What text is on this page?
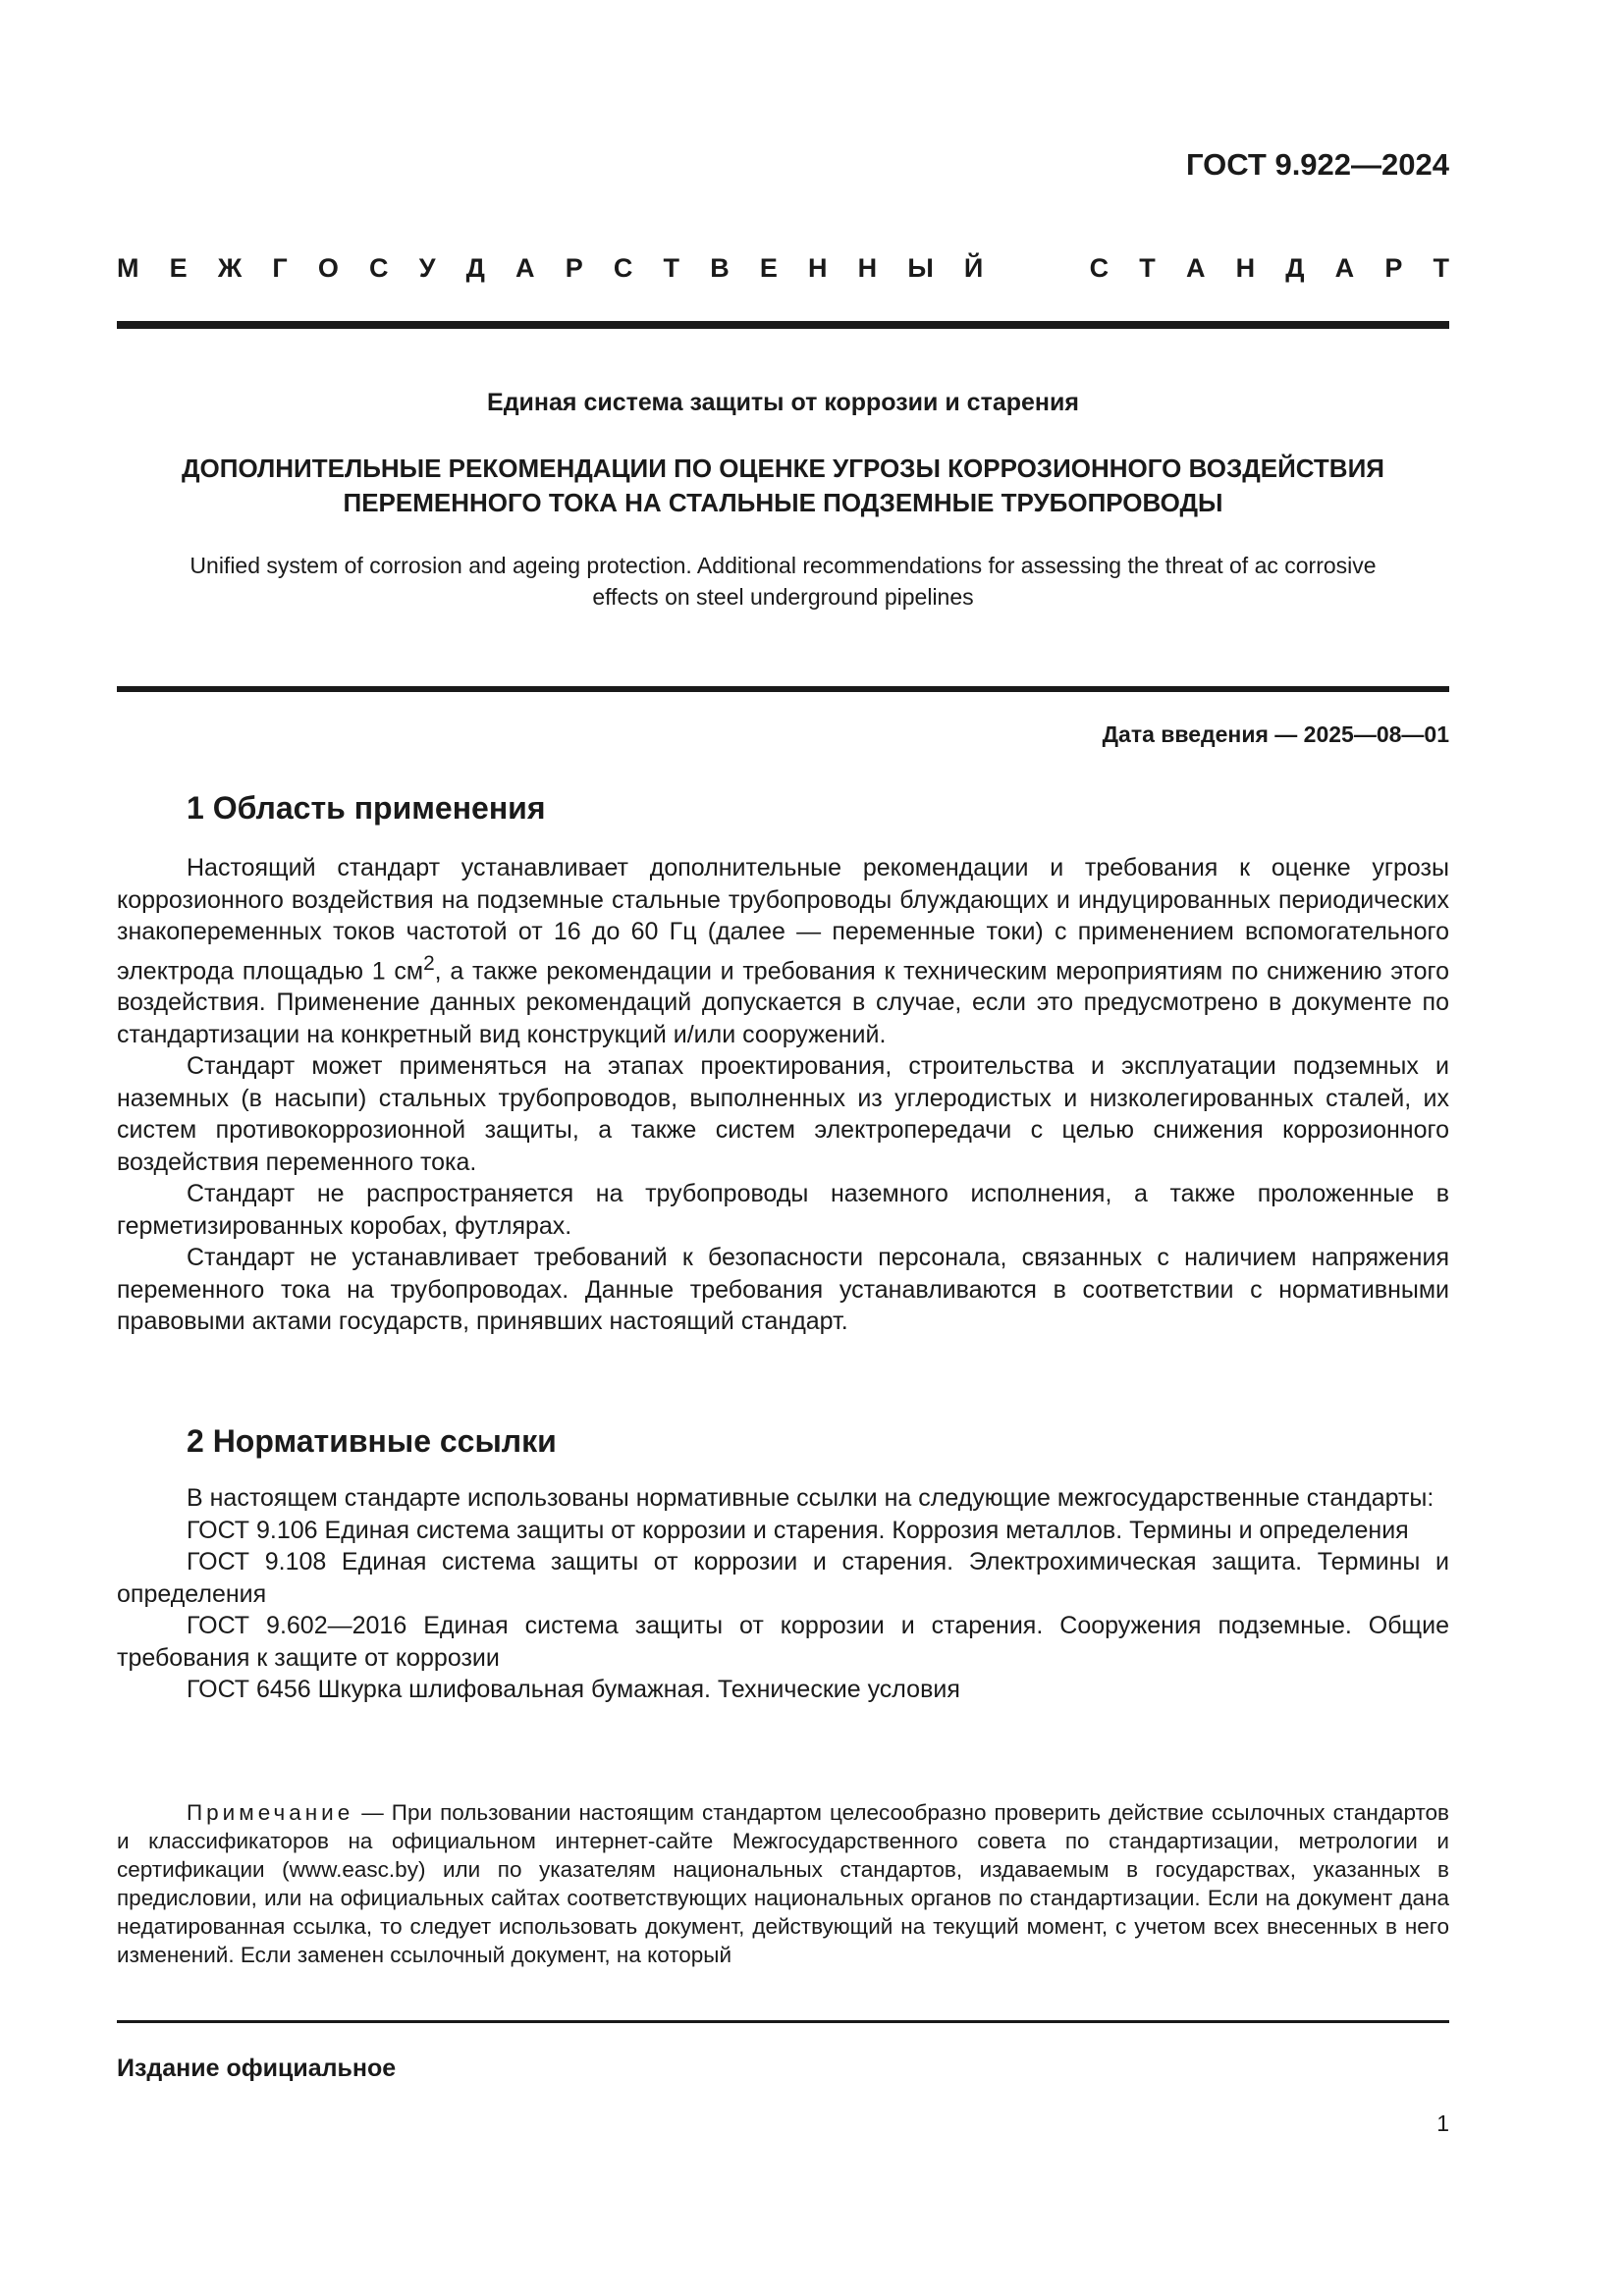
ГОСТ 9.922—2024
М Е Ж Г О С У Д А Р С Т В Е Н Н Ы Й	С Т А Н Д А Р Т
Единая система защиты от коррозии и старения
ДОПОЛНИТЕЛЬНЫЕ РЕКОМЕНДАЦИИ ПО ОЦЕНКЕ УГРОЗЫ КОРРОЗИОННОГО ВОЗДЕЙСТВИЯ
ПЕРЕМЕННОГО ТОКА НА СТАЛЬНЫЕ ПОДЗЕМНЫЕ ТРУБОПРОВОДЫ
Unified system of corrosion and ageing protection. Additional recommendations for assessing the threat of ac corrosive
effects on steel underground pipelines
Дата введения — 2025—08—01
1 Область применения

Настоящий стандарт устанавливает дополнительные рекомендации и требования к оценке угрозы коррозионного воздействия на подземные стальные трубопроводы блуждающих и индуцированных периодических знакопеременных токов частотой от 16 до 60 Гц (далее — переменные токи) с применением вспомогательного электрода площадью 1 $см^2$, а также рекомендации и требования к техническим мероприятиям по снижению этого воздействия. Применение данных рекомендаций допускается в случае, если это предусмотрено в документе по стандартизации на конкретный вид конструкций и/или сооружений.

Стандарт может применяться на этапах проектирования, строительства и эксплуатации подземных и наземных (в насыпи) стальных трубопроводов, выполненных из углеродистых и низколегированных сталей, их систем противокоррозионной защиты, а также систем электропередачи с целью снижения коррозионного воздействия переменного тока.

Стандарт не распространяется на трубопроводы наземного исполнения, а также проложенные в герметизированных коробах, футлярах.

Стандарт не устанавливает требований к безопасности персонала, связанных с наличием напряжения переменного тока на трубопроводах. Данные требования устанавливаются в соответствии с нормативными правовыми актами государств, принявших настоящий стандарт.

2 Нормативные ссылки

В настоящем стандарте использованы нормативные ссылки на следующие межгосударственные стандарты:

ГОСТ 9.106 Единая система защиты от коррозии и старения. Коррозия металлов. Термины и определения

ГОСТ 9.108 Единая система защиты от коррозии и старения. Электрохимическая защита. Термины и определения

ГОСТ 9.602—2016 Единая система защиты от коррозии и старения. Сооружения подземные. Общие требования к защите от коррозии

ГОСТ 6456 Шкурка шлифовальная бумажная. Технические условия

Примечание — При пользовании настоящим стандартом целесообразно проверить действие ссылочных стандартов и классификаторов на официальном интернет-сайте Межгосударственного совета по стандартизации, метрологии и сертификации (www.easc.by) или по указателям национальных стандартов, издаваемым в государствах, указанных в предисловии, или на официальных сайтах соответствующих национальных органов по стандартизации. Если на документ дана недатированная ссылка, то следует использовать документ, действующий на текущий момент, с учетом всех внесенных в него изменений. Если заменен ссылочный документ, на который
Издание официальное
1
